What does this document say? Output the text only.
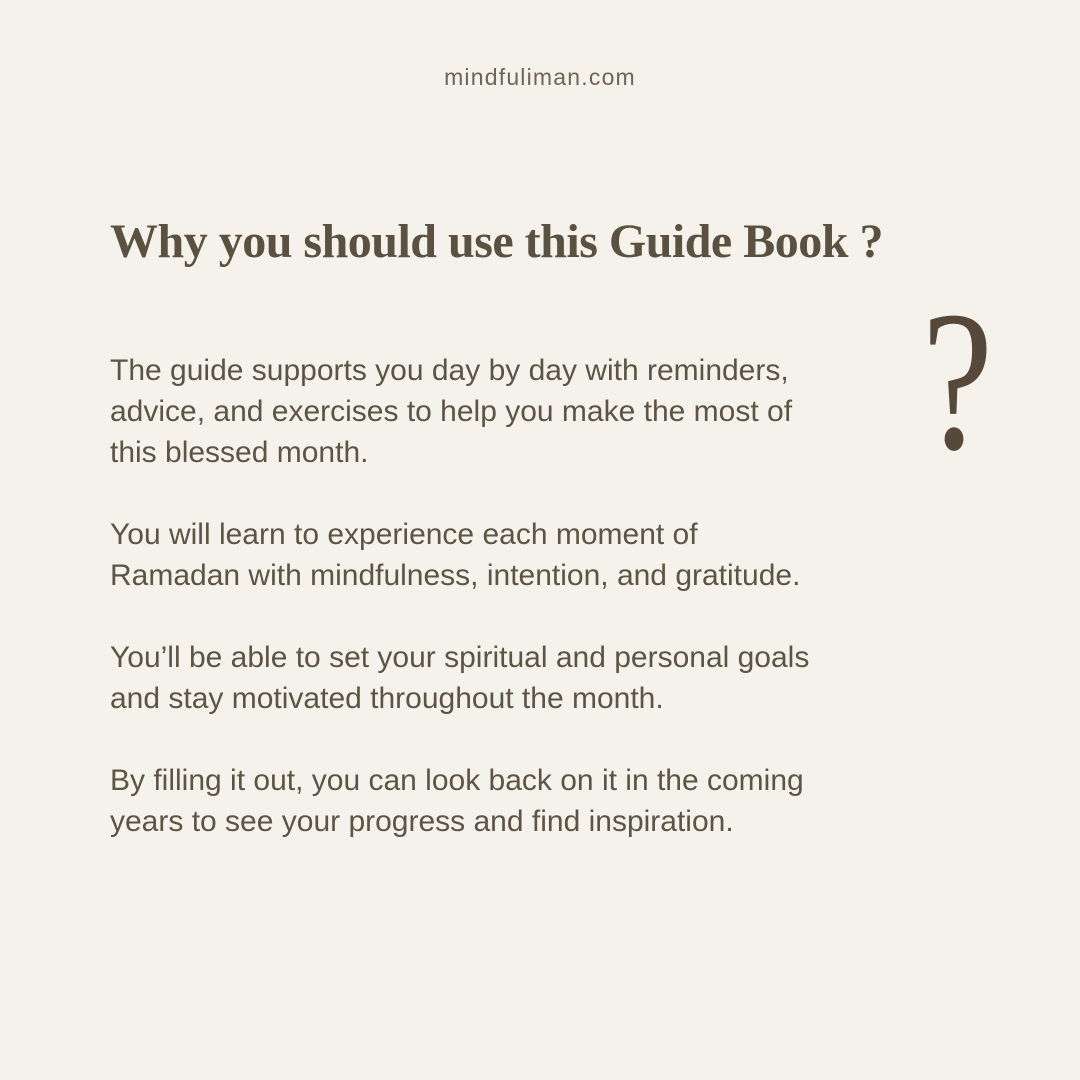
mindfuliman.com
Why you should use this Guide Book ?
?

The guide supports you day by day with reminders,
advice, and exercises to help you make the most of
this blessed month.

You will learn to experience each moment of
Ramadan with mindfulness, intention, and gratitude.

You’ll be able to set your spiritual and personal goals
and stay motivated throughout the month.

By filling it out, you can look back on it in the coming
years to see your progress and find inspiration.
